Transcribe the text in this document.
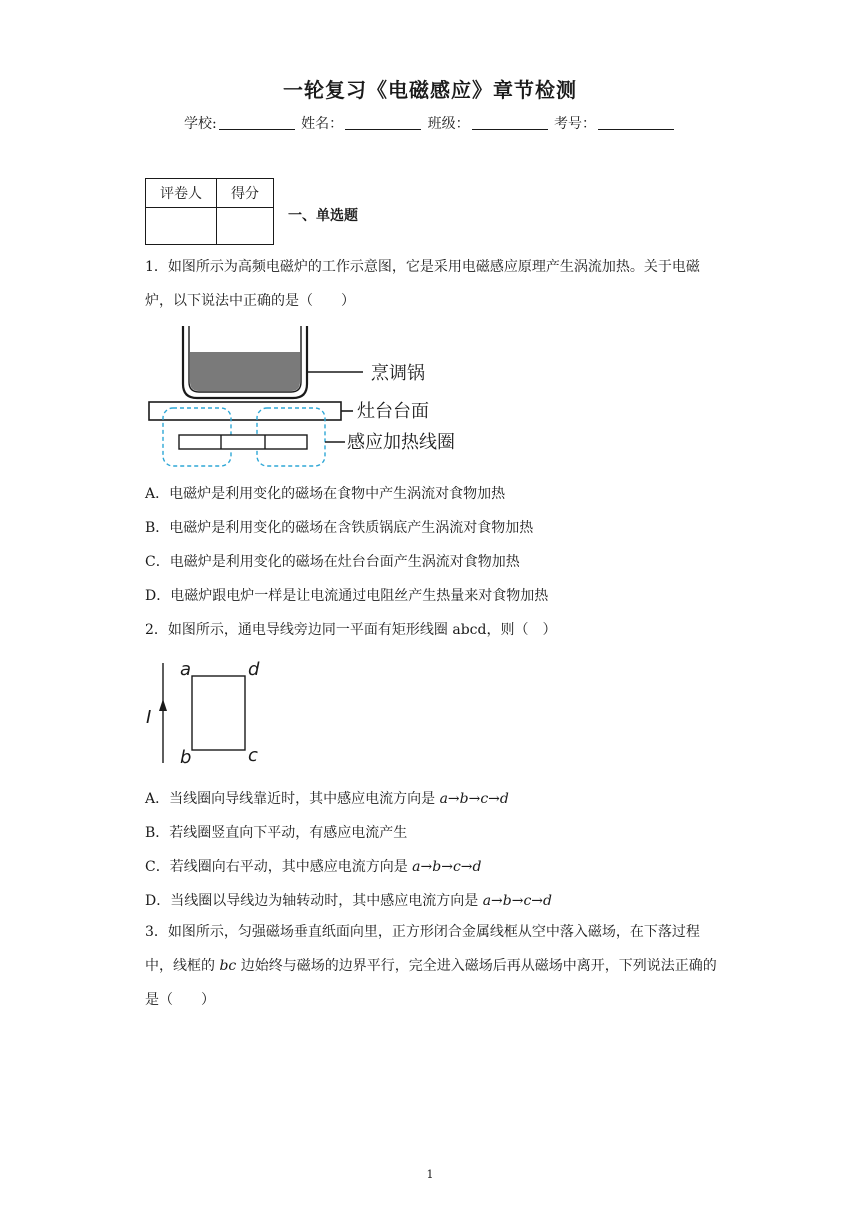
一轮复习《电磁感应》章节检测
学校:	姓名：	班级：	考号：
评卷人	得分

一、单选题
1．如图所示为高频电磁炉的工作示意图，它是采用电磁感应原理产生涡流加热。关于电磁炉，以下说法中正确的是（　　）
烹调锅
灶台台面
感应加热线圈
A．电磁炉是利用变化的磁场在食物中产生涡流对食物加热
B．电磁炉是利用变化的磁场在含铁质锅底产生涡流对食物加热
C．电磁炉是利用变化的磁场在灶台台面产生涡流对食物加热
D．电磁炉跟电炉一样是让电流通过电阻丝产生热量来对食物加热
2．如图所示，通电导线旁边同一平面有矩形线圈 abcd，则（　）
I
a	d
b	c
A．当线圈向导线靠近时，其中感应电流方向是 a→b→c→d
B．若线圈竖直向下平动，有感应电流产生
C．若线圈向右平动，其中感应电流方向是 a→b→c→d
D．当线圈以导线边为轴转动时，其中感应电流方向是 a→b→c→d
3．如图所示，匀强磁场垂直纸面向里，正方形闭合金属线框从空中落入磁场，在下落过程中，线框的 bc 边始终与磁场的边界平行，完全进入磁场后再从磁场中离开，下列说法正确的是（　　）
1
